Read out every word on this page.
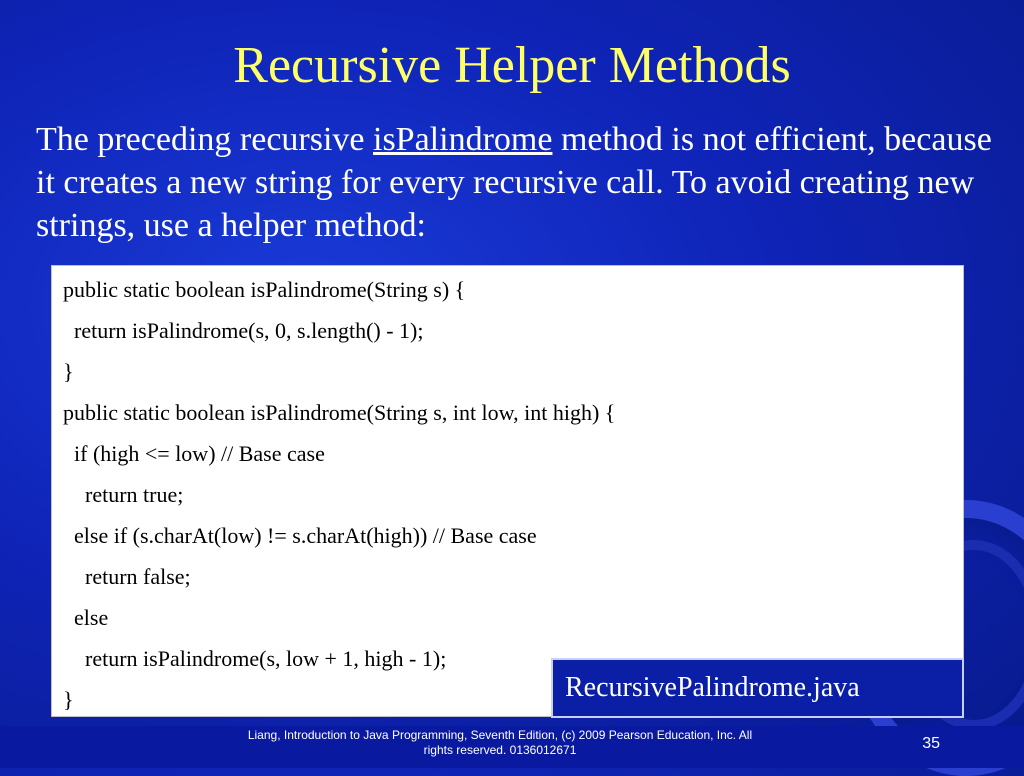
Recursive Helper Methods
The preceding recursive isPalindrome method is not efficient, because it creates a new string for every recursive call. To avoid creating new strings, use a helper method:
public static boolean isPalindrome(String s) {
return isPalindrome(s, 0, s.length() - 1);
}
public static boolean isPalindrome(String s, int low, int high) {
if (high <= low) // Base case
return true;
else if (s.charAt(low) != s.charAt(high)) // Base case
return false;
else
return isPalindrome(s, low + 1, high - 1);
}	RecursivePalindrome.java
Liang, Introduction to Java Programming, Seventh Edition, (c) 2009 Pearson Education, Inc. All
rights reserved. 0136012671	35
